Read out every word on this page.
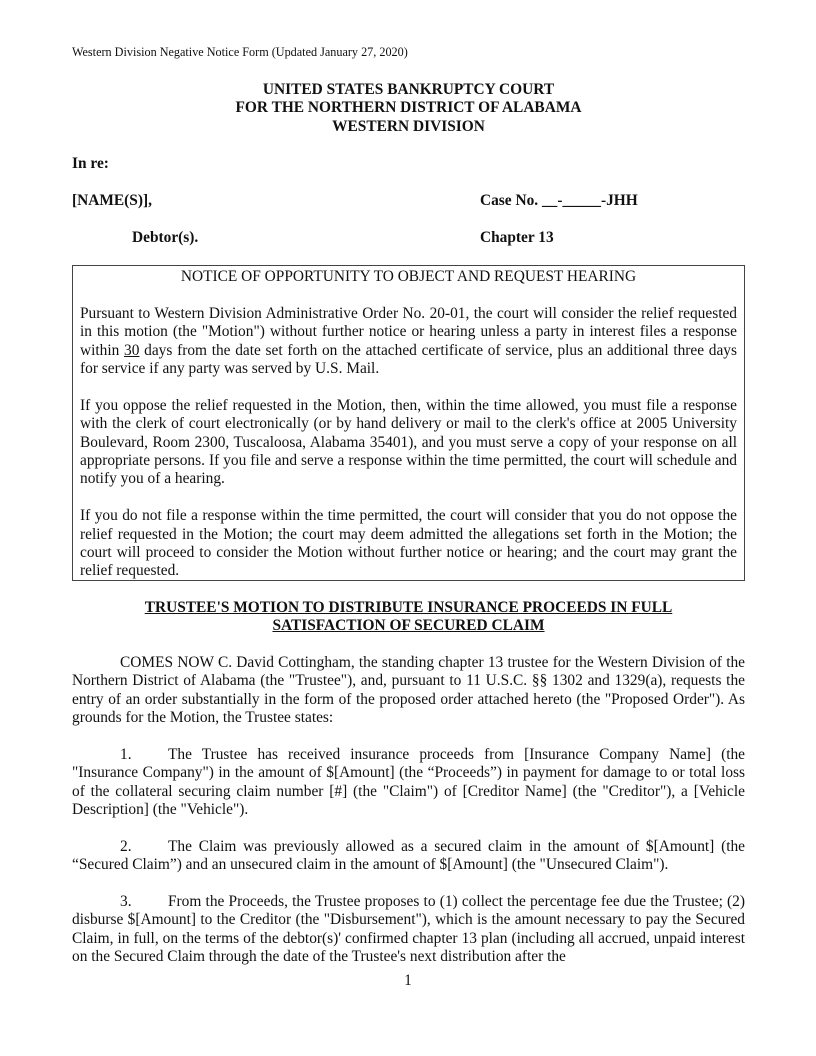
Western Division Negative Notice Form (Updated January 27, 2020)
UNITED STATES BANKRUPTCY COURT
FOR THE NORTHERN DISTRICT OF ALABAMA
WESTERN DIVISION
In re:
[NAME(S)],	Case No. __-_____-JHH
Debtor(s).	Chapter 13
NOTICE OF OPPORTUNITY TO OBJECT AND REQUEST HEARING

Pursuant to Western Division Administrative Order No. 20-01, the court will consider the relief requested in this motion (the "Motion") without further notice or hearing unless a party in interest files a response within 30 days from the date set forth on the attached certificate of service, plus an additional three days for service if any party was served by U.S. Mail.

If you oppose the relief requested in the Motion, then, within the time allowed, you must file a response with the clerk of court electronically (or by hand delivery or mail to the clerk's office at 2005 University Boulevard, Room 2300, Tuscaloosa, Alabama 35401), and you must serve a copy of your response on all appropriate persons. If you file and serve a response within the time permitted, the court will schedule and notify you of a hearing.

If you do not file a response within the time permitted, the court will consider that you do not oppose the relief requested in the Motion; the court may deem admitted the allegations set forth in the Motion; the court will proceed to consider the Motion without further notice or hearing; and the court may grant the relief requested.

TRUSTEE'S MOTION TO DISTRIBUTE INSURANCE PROCEEDS IN FULL
SATISFACTION OF SECURED CLAIM

COMES NOW C. David Cottingham, the standing chapter 13 trustee for the Western Division of the Northern District of Alabama (the "Trustee"), and, pursuant to 11 U.S.C. §§ 1302 and 1329(a), requests the entry of an order substantially in the form of the proposed order attached hereto (the "Proposed Order"). As grounds for the Motion, the Trustee states:

1. The Trustee has received insurance proceeds from [Insurance Company Name] (the "Insurance Company") in the amount of $[Amount] (the “Proceeds”) in payment for damage to or total loss of the collateral securing claim number [#] (the "Claim") of [Creditor Name] (the "Creditor"), a [Vehicle Description] (the "Vehicle").

2. The Claim was previously allowed as a secured claim in the amount of $[Amount] (the “Secured Claim”) and an unsecured claim in the amount of $[Amount] (the "Unsecured Claim").

3. From the Proceeds, the Trustee proposes to (1) collect the percentage fee due the Trustee; (2) disburse $[Amount] to the Creditor (the "Disbursement"), which is the amount necessary to pay the Secured Claim, in full, on the terms of the debtor(s)' confirmed chapter 13 plan (including all accrued, unpaid interest on the Secured Claim through the date of the Trustee's next distribution after the

1
